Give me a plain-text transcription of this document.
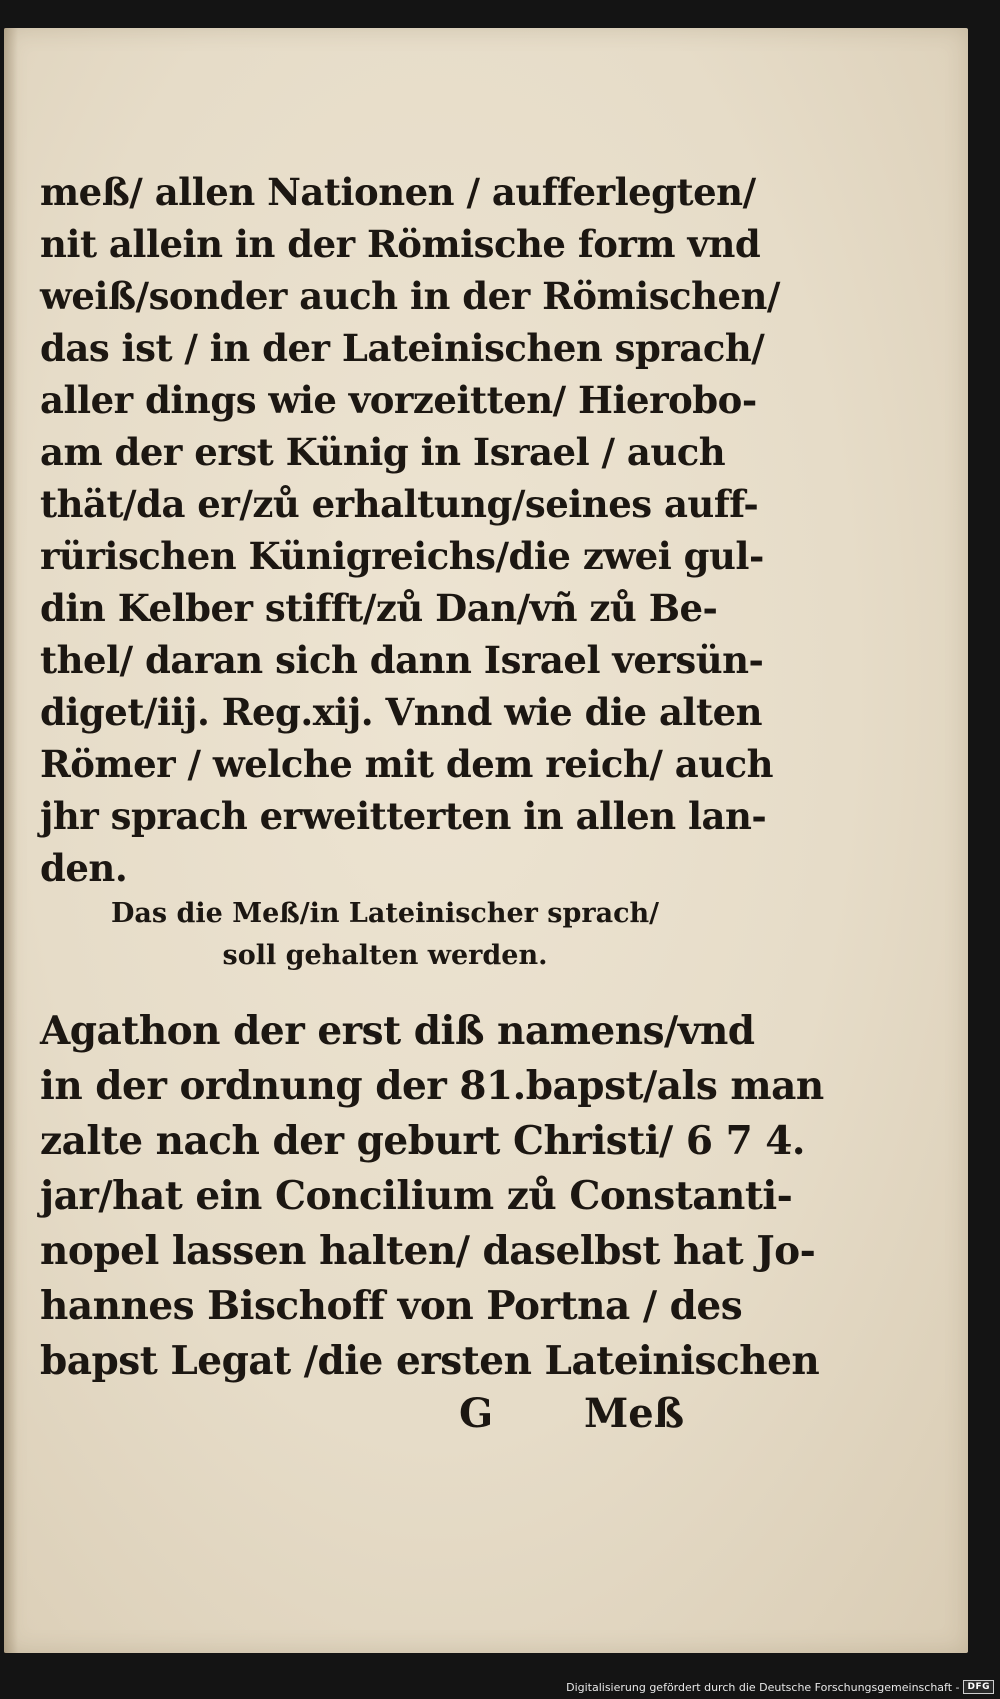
meß/ allen Nationen / aufferlegten/
nit allein in der Römische form vnd
weiß/sonder auch in der Römischen/
das ist / in der Lateinischen sprach/
aller dings wie vorzeitten/ Hierobo-
am der erst Künig in Israel / auch
thät/da er/zů erhaltung/seines auff-
rürischen Künigreichs/die zwei gul-
din Kelber stifft/zů Dan/vñ zů Be-
thel/ daran sich dann Israel versün-
diget/iij. Reg.xij. Vnnd wie die alten
Römer / welche mit dem reich/ auch
jhr sprach erweitterten in allen lan-
den.
Das die Meß/in Lateinischer sprach/
soll gehalten werden.
Agathon der erst diß namens/vnd
in der ordnung der 81.bapst/als man
zalte nach der geburt Christi/ 6 7 4.
jar/hat ein Concilium zů Constanti-
nopel lassen halten/ daselbst hat Jo-
hannes Bischoff von Portna / des
bapst Legat /die ersten Lateinischen
G Meß
Digitalisierung gefördert durch die Deutsche Forschungsgemeinschaft - DFG
